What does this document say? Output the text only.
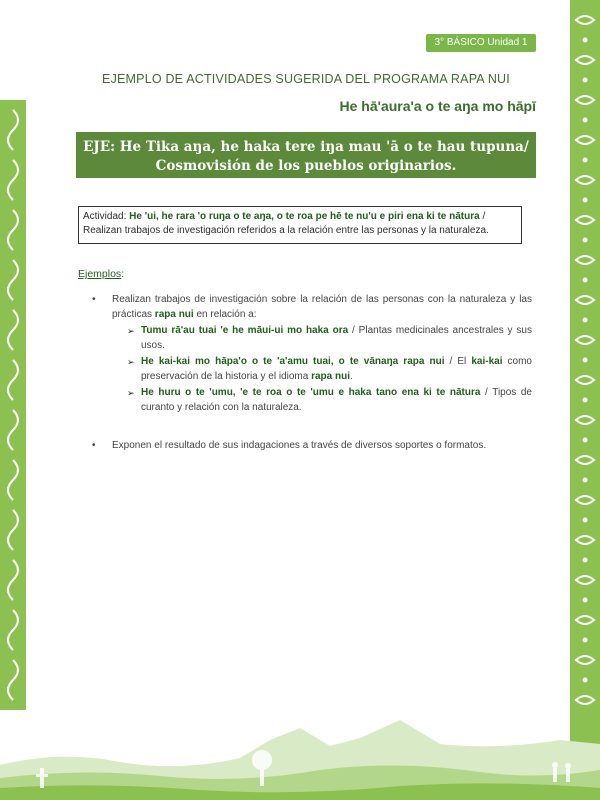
3° BÁSICO Unidad 1
EJEMPLO DE ACTIVIDADES SUGERIDA DEL PROGRAMA RAPA NUI
He hā'aura'a o te aŋa mo hāpī
EJE: He Tika aŋa, he haka tere iŋa mau 'ā o te hau tupuna/
Cosmovisión de los pueblos originarios.
Actividad: He 'ui, he rara 'o ruŋa o te aŋa, o te roa pe hē te nu'u e piri ena ki te nātura / Realizan trabajos de investigación referidos a la relación entre las personas y la naturaleza.
Ejemplos:
•	Realizan trabajos de investigación sobre la relación de las personas con la naturaleza y las prácticas rapa nui en relación a:
➢ Tumu rā'au tuai 'e he māui-ui mo haka ora / Plantas medicinales ancestrales y sus usos.
➢ He kai-kai mo hāpa'o o te 'a'amu tuai, o te vānaŋa rapa nui / El kai-kai como preservación de la historia y el idioma rapa nui.
➢ He huru o te 'umu, 'e te roa o te 'umu e haka tano ena ki te nātura / Tipos de curanto y relación con la naturaleza.
•	Exponen el resultado de sus indagaciones a través de diversos soportes o formatos.
